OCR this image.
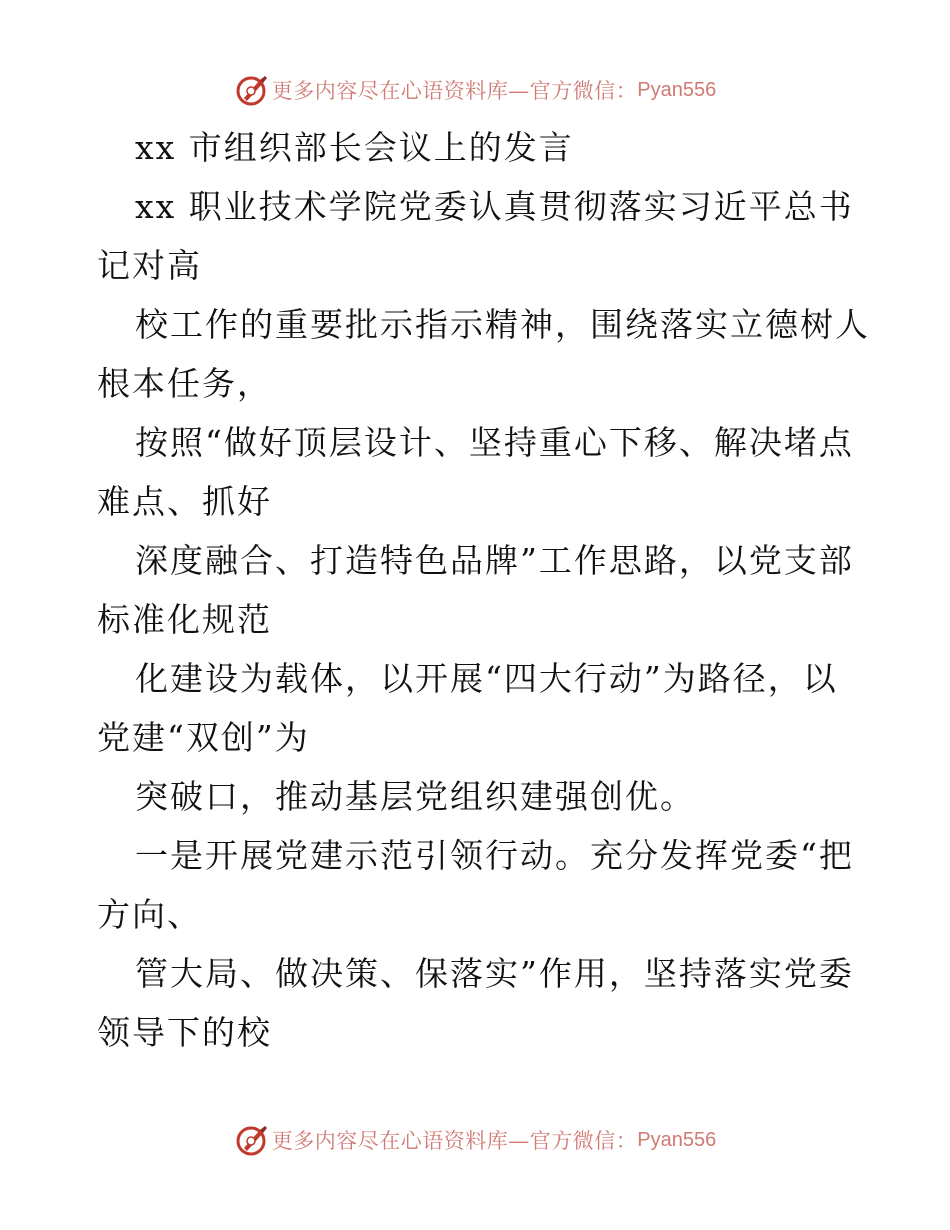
更多内容尽在心语资料库—官方微信： Pyan556
xx 市组织部长会议上的发言
xx 职业技术学院党委认真贯彻落实习近平总书
记对高
校工作的重要批示指示精神，围绕落实立德树人
根本任务，
按照“做好顶层设计、坚持重心下移、解决堵点
难点、抓好
深度融合、打造特色品牌”工作思路，以党支部
标准化规范
化建设为载体，以开展“四大行动”为路径，以
党建“双创”为
突破口，推动基层党组织建强创优。
一是开展党建示范引领行动。充分发挥党委“把
方向、
管大局、做决策、保落实”作用，坚持落实党委
领导下的校
更多内容尽在心语资料库—官方微信： Pyan556
